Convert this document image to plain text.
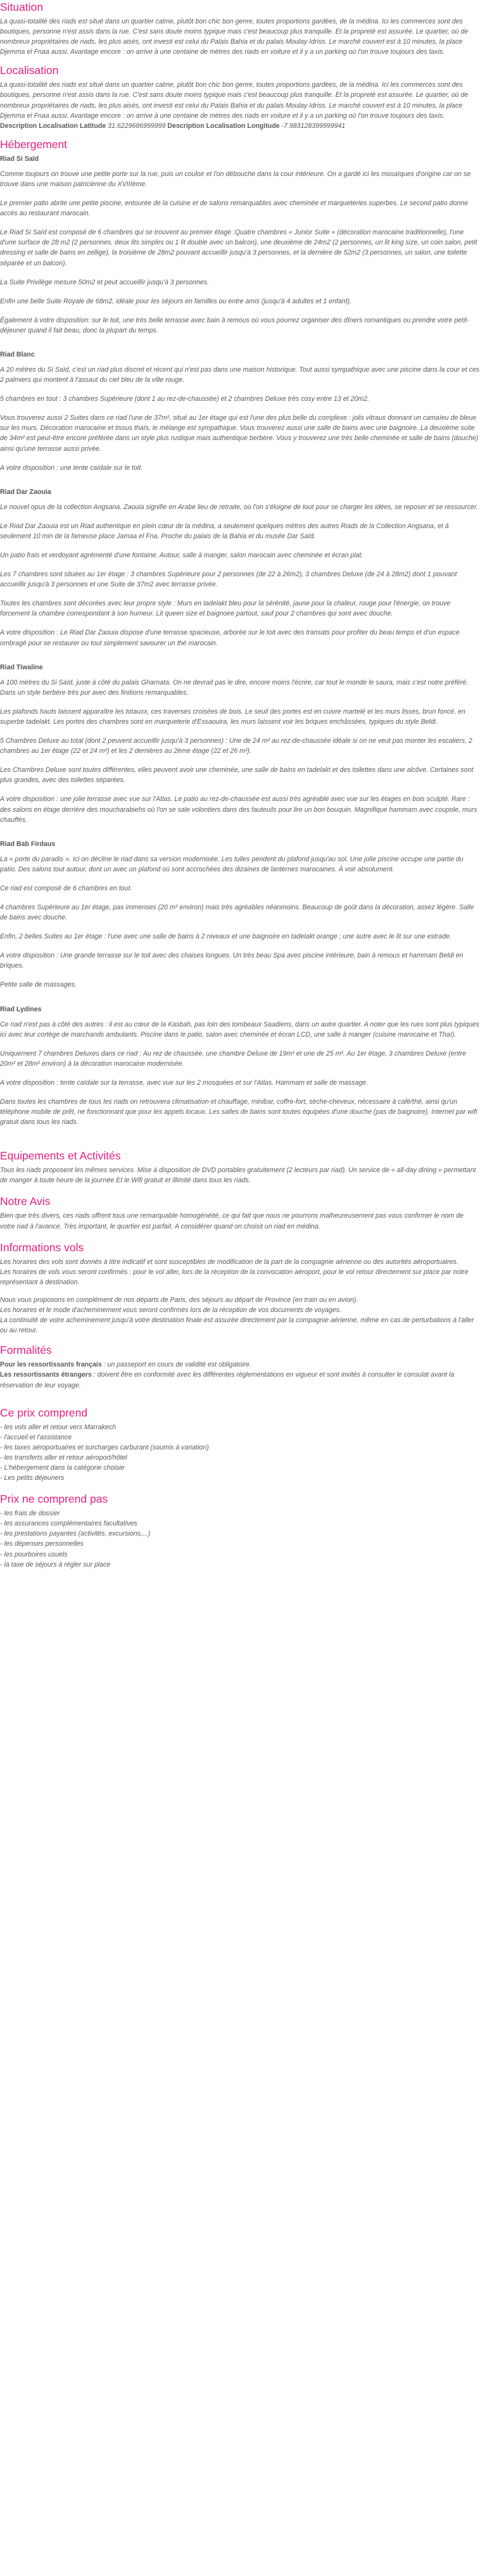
Situation

La quasi-totalité des riads est situé dans un quartier calme, plutôt bon chic bon genre, toutes proportions gardées, de la médina. Ici les commerces sont des boutiques, personne n'est assis dans la rue. C'est sans doute moins typique mais c'est beaucoup plus tranquille. Et la propreté est assurée. Le quartier, où de nombreux propriétaires de riads, les plus aisés, ont investi est celui du Palais Bahia et du palais Moulay Idriss. Le marché couvert est à 10 minutes, la place Djemma el Fnaa aussi. Avantage encore : on arrive à une centaine de mètres des riads en voiture et il y a un parking où l'on trouve toujours des taxis.

Localisation

La quasi-totalité des riads est situé dans un quartier calme, plutôt bon chic bon genre, toutes proportions gardées, de la médina. Ici les commerces sont des boutiques, personne n'est assis dans la rue. C'est sans doute moins typique mais c'est beaucoup plus tranquille. Et la propreté est assurée. Le quartier, où de nombreux propriétaires de riads, les plus aisés, ont investi est celui du Palais Bahia et du palais Moulay Idriss. Le marché couvert est à 10 minutes, la place Djemma el Fnaa aussi. Avantage encore : on arrive à une centaine de mètres des riads en voiture et il y a un parking où l'on trouve toujours des taxis.

Description Localisation Latitude 31.6229686999999 Description Localisation Longitude -7.983128399999941

Hébergement
Riad Si Saïd

Comme toujours on trouve une petite porte sur la rue, puis un couloir et l'on débouche dans la cour intérieure. On a gardé ici les mosaïques d'origine car on se trouve dans une maison patricienne du XVIIIème.

Le premier patio abrite une petite piscine, entourée de la cuisine et de salons remarquables avec cheminée et marqueteries superbes. Le second patio donne accès au restaurant marocain.

Le Riad Si Saïd est composé de 6 chambres qui se trouvent au premier étage :Quatre chambres « Junior Suite » (décoration marocaine traditionnelle), l'une d'une surface de 28 m2 (2 personnes, deux lits simples ou 1 lit double avec un balcon), une deuxième de 24m2 (2 personnes, un lit king size, un coin salon, petit dressing et salle de bains en zellige), la troisième de 28m2 pouvant accueillir jusqu'à 3 personnes, et la dernière de 52m2 (3 personnes, un salon, une toilette séparée et un balcon).

La Suite Privilège mesure 50m2 et peut accueillir jusqu'à 3 personnes.

Enfin une belle Suite Royale de 68m2, idéale pour les séjours en familles ou entre amis (jusqu'à 4 adultes et 1 enfant).

Également à votre disposition: sur le toit, une très belle terrasse avec bain à remous où vous pourrez organiser des dîners romantiques ou prendre votre petit-déjeuner quand il fait beau, donc la plupart du temps.

Riad Blanc

A 20 mètres du Si Saïd, c'est un riad plus discret et récent qui n'est pas dans une maison historique. Tout aussi sympathique avec une piscine dans la cour et ces 2 palmiers qui montent à l'assaut du ciel bleu de la ville rouge.

5 chambres en tout : 3 chambres Supérieure (dont 1 au rez-de-chaussée) et 2 chambres Deluxe très cosy entre 13 et 20m2.

Vous trouverez aussi 2 Suites dans ce riad l'une de 37m², situé au 1er étage qui est l'une des plus belle du complexe : jolis vitraux donnant un camaïeu de bleue sur les murs. Décoration marocaine et tissus thaïs, le mélange est sympathique. Vous trouverez aussi une salle de bains avec une baignoire. La deuxième suite de 34m² est peut-être encore préférée dans un style plus rustique mais authentique berbère. Vous y trouverez une très belle cheminée et salle de bains (douche) ainsi qu'une terrasse aussi privée.

A votre disposition : une tente caïdale sur le toit.

Riad Dar Zaouia

Le nouvel opus de la collection Angsana. Zaouia signifie en Arabe lieu de retraite, où l'on s'éloigne de tout pour se charger les idées, se reposer et se ressourcer.

Le Riad Dar Zaouia est un Riad authentique en plein cœur de la médina, a seulement quelques mètres des autres Riads de la Collection Angsana, et à seulement 10 min de la fameuse place Jamaa el Fna. Proche du palais de la Bahia et du musée Dar Saïd.

Un patio frais et verdoyant agrémenté d'une fontaine. Autour, salle à manger, salon marocain avec cheminée et écran plat.

Les 7 chambres sont situées au 1er étage : 3 chambres Supérieure pour 2 personnes (de 22 à 26m2), 3 chambres Deluxe (de 24 à 28m2) dont 1 pouvant accueillir jusqu'à 3 personnes et une Suite de 37m2 avec terrasse privée.

Toutes les chambres sont décorées avec leur propre style : Murs en tadelakt bleu pour la sérénité, jaune pour la chaleur, rouge pour l'énergie, on trouve forcement la chambre correspondant à son humeur. Lit queen size et baignoire partout, sauf pour 2 chambres qui sont avec douche.

A votre disposition : Le Riad Dar Zaouia dispose d'une terrasse spacieuse, arborée sur le toit avec des transats pour profiter du beau temps et d'un espace ombragé pour se restaurer ou tout simplement savourer un thé marocain.

Riad Tiwaline

A 100 mètres du Si Saïd, juste à côté du palais Gharnata. On ne devrait pas le dire, encore moins l'écrire, car tout le monde le saura, mais c'est notre préféré. Dans un style berbère très pur avec des finitions remarquables.

Les plafonds hauts laissent apparaître les totauxx, ces traverses croisées de bois. Le seuil des portes est en cuivre martelé et les murs lisses, brun foncé, en superbe tadelakt. Les portes des chambres sont en marqueterie d'Essaouira, les murs laissent voir les briques enchâssées, typiques du style Beldi.

5 Chambres Deluxe au total (dont 2 peuvent accueillir jusqu'à 3 personnes) : Une de 24 m² au rez-de-chaussée idéale si on ne veut pas monter les escaliers, 2 chambres au 1er étage (22 et 24 m²) et les 2 dernières au 2ème étage (22 et 26 m²).

Les Chambres Deluxe sont toutes différentes, elles peuvent avoir une cheminée, une salle de bains en tadelakt et des toilettes dans une alcôve. Certaines sont plus grandes, avec des toilettes séparées.

A votre disposition : une jolie terrasse avec vue sur l'Atlas. Le patio au rez-de-chaussée est aussi très agréable avec vue sur les étages en bois sculpté. Rare : des salons en étage derrière des moucharabiehs où l'on se sale volontiers dans des fauteuils pour lire un bon bouquin. Magnifique hammam avec coupole, murs chauffés.

Riad Bab Firdaus

La « porte du paradis ». Ici on décline le riad dans sa version modernisée. Les tulles pendent du plafond jusqu'au sol. Une jolie piscine occupe une partie du patio. Des salons tout autour, dont un avec un plafond où sont accrochées des dizaines de lanternes marocaines. À voir absolument.

Ce riad est composé de 6 chambres en tout.

4 chambres Supérieure au 1er étage, pas immenses (20 m² environ) mais très agréables néanmoins. Beaucoup de goût dans la décoration, assez légère. Salle de bains avec douche.

Enfin, 2 belles Suites au 1er étage : l'une avec une salle de bains à 2 niveaux et une baignoire en tadelakt orange ; une autre avec le lit sur une estrade.

A votre disposition : Une grande terrasse sur le toit avec des chaises longues. Un très beau Spa avec piscine intérieure, bain à remous et hammam Beldi en briques.

Petite salle de massages.

Riad Lydines

Ce riad n'est pas à côté des autres : il est au cœur de la Kasbah, pas loin des tombeaux Saadiens, dans un autre quartier. A noter que les rues sont plus typiques ici avec leur cortège de marchands ambulants. Piscine dans le patio, salon avec cheminée et écran LCD, une salle à manger (cuisine marocaine et Thaï).

Uniquement 7 chambres Deluxes dans ce riad : Au rez de chaussée, une chambre Deluxe de 19m² et une de 25 m². Au 1er étage, 3 chambres Deluxe (entre 20m² et 28m² environ) à la décoration marocaine modernisée.

A votre disposition : tente caïdale sur la terrasse, avec vue sur les 2 mosquées et sur l'Atlas. Hammam et salle de massage.

Dans toutes les chambres de tous les riads on retrouvera climatisation et chauffage, minibar, coffre-fort, sèche-cheveux, nécessaire à café/thé, ainsi qu'un téléphone mobile de prêt, ne fonctionnant que pour les appels locaux. Les salles de bains sont toutes équipées d'une douche (pas de baignoire). Internet par wifi gratuit dans tous les riads.

Equipements et Activités

Tous les riads proposent les mêmes services. Mise à disposition de DVD portables gratuitement (2 lecteurs par riad). Un service de « all-day dining » permettant de manger à toute heure de la journée Et le Wifi gratuit et illimité dans tous les riads.

Notre Avis

Bien que très divers, ces riads offrent tous une remarquable homogénéité, ce qui fait que nous ne pourrons malheureusement pas vous confirmer le nom de votre riad à l'avance. Très important, le quartier est parfait. A considérer quand on choisit un riad en médina.

Informations vols

Les horaires des vols sont donnés à titre indicatif et sont susceptibles de modification de la part de la compagnie aérienne ou des autorités aéroportuaires.

Les horaires de vols vous seront confirmés : pour le vol aller, lors de la réception de la convocation aéroport, pour le vol retour directement sur place par notre représentant à destination.

Nous vous proposons en complément de nos départs de Paris, des séjours au départ de Province (en train ou en avion).

Les horaires et le mode d'acheminement vous seront confirmés lors de la réception de vos documents de voyages.

La continuité de votre acheminement jusqu'à votre destination finale est assurée directement par la compagnie aérienne, même en cas de perturbations à l'aller ou au retour.

Formalités

Pour les ressortissants français : un passeport en cours de validité est obligatoire.

Les ressortissants étrangers : doivent être en conformité avec les différentes réglementations en vigueur et sont invités à consulter le consulat avant la réservation de leur voyage.

Ce prix comprend
- les vols aller et retour vers Marrakech
- l'accueil et l'assistance
- les taxes aéroportuaires et surcharges carburant (soumis à variation)
- les transferts aller et retour aéroport/hôtel
- L'hébergement dans la catégorie choisie
- Les petits déjeuners
Prix ne comprend pas
- les frais de dossier
- les assurances complémentaires facultatives
- les prestations payantes (activités, excursions,...)
- les dépenses personnelles
- les pourboires usuels
- la taxe de séjours à régler sur place
